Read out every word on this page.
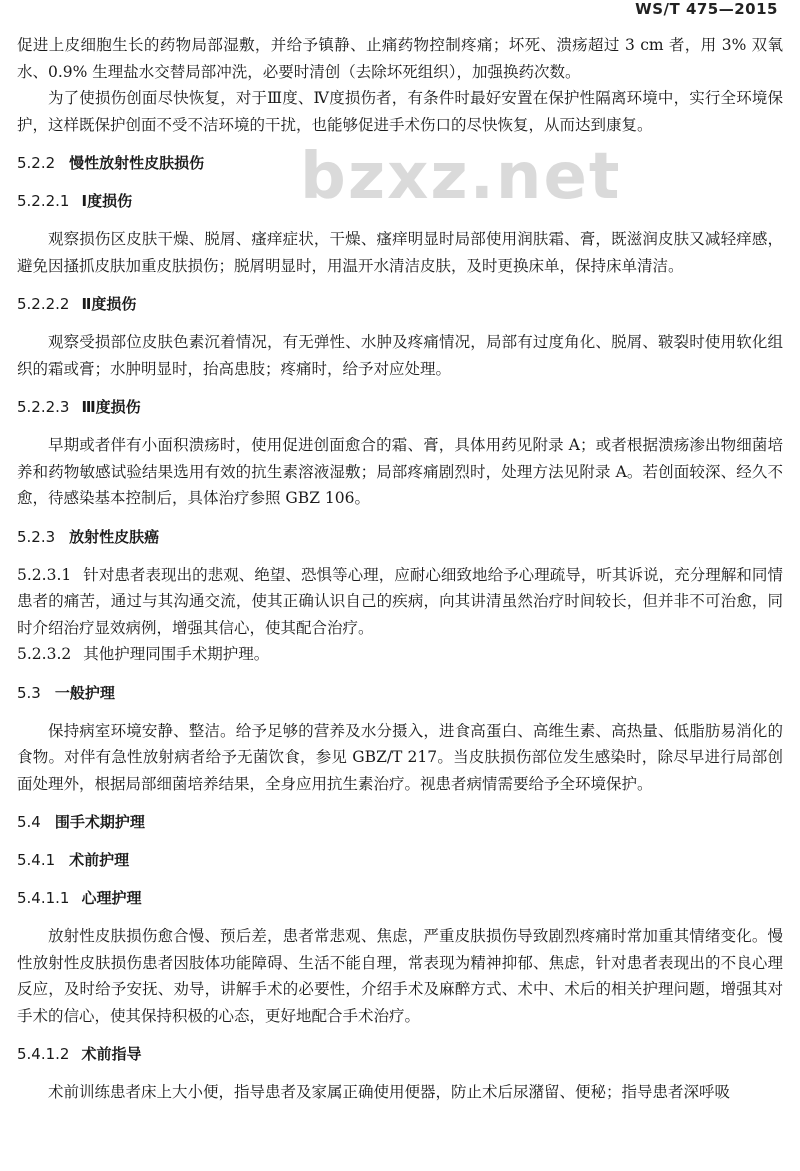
WS/T 475—2015
bzxz.net

促进上皮细胞生长的药物局部湿敷，并给予镇静、止痛药物控制疼痛；坏死、溃疡超过 3 cm 者，用 3% 双氧水、0.9% 生理盐水交替局部冲洗，必要时清创（去除坏死组织），加强换药次数。

为了使损伤创面尽快恢复，对于Ⅲ度、Ⅳ度损伤者，有条件时最好安置在保护性隔离环境中，实行全环境保护，这样既保护创面不受不洁环境的干扰，也能够促进手术伤口的尽快恢复，从而达到康复。

5.2.2 慢性放射性皮肤损伤
5.2.2.1 Ⅰ度损伤

观察损伤区皮肤干燥、脱屑、瘙痒症状，干燥、瘙痒明显时局部使用润肤霜、膏，既滋润皮肤又减轻痒感，避免因搔抓皮肤加重皮肤损伤；脱屑明显时，用温开水清洁皮肤，及时更换床单，保持床单清洁。

5.2.2.2 Ⅱ度损伤

观察受损部位皮肤色素沉着情况，有无弹性、水肿及疼痛情况，局部有过度角化、脱屑、皲裂时使用软化组织的霜或膏；水肿明显时，抬高患肢；疼痛时，给予对应处理。

5.2.2.3 Ⅲ度损伤

早期或者伴有小面积溃疡时，使用促进创面愈合的霜、膏，具体用药见附录 A；或者根据溃疡渗出物细菌培养和药物敏感试验结果选用有效的抗生素溶液湿敷；局部疼痛剧烈时，处理方法见附录 A。若创面较深、经久不愈，待感染基本控制后，具体治疗参照 GBZ 106。

5.2.3 放射性皮肤癌

5.2.3.1 针对患者表现出的悲观、绝望、恐惧等心理，应耐心细致地给予心理疏导，听其诉说，充分理解和同情患者的痛苦，通过与其沟通交流，使其正确认识自己的疾病，向其讲清虽然治疗时间较长，但并非不可治愈，同时介绍治疗显效病例，增强其信心，使其配合治疗。

5.2.3.2 其他护理同围手术期护理。

5.3 一般护理

保持病室环境安静、整洁。给予足够的营养及水分摄入，进食高蛋白、高维生素、高热量、低脂肪易消化的食物。对伴有急性放射病者给予无菌饮食，参见 GBZ/T 217。当皮肤损伤部位发生感染时，除尽早进行局部创面处理外，根据局部细菌培养结果，全身应用抗生素治疗。视患者病情需要给予全环境保护。

5.4 围手术期护理
5.4.1 术前护理
5.4.1.1 心理护理

放射性皮肤损伤愈合慢、预后差，患者常悲观、焦虑，严重皮肤损伤导致剧烈疼痛时常加重其情绪变化。慢性放射性皮肤损伤患者因肢体功能障碍、生活不能自理，常表现为精神抑郁、焦虑，针对患者表现出的不良心理反应，及时给予安抚、劝导，讲解手术的必要性，介绍手术及麻醉方式、术中、术后的相关护理问题，增强其对手术的信心，使其保持积极的心态，更好地配合手术治疗。

5.4.1.2 术前指导

术前训练患者床上大小便，指导患者及家属正确使用便器，防止术后尿潴留、便秘；指导患者深呼吸
